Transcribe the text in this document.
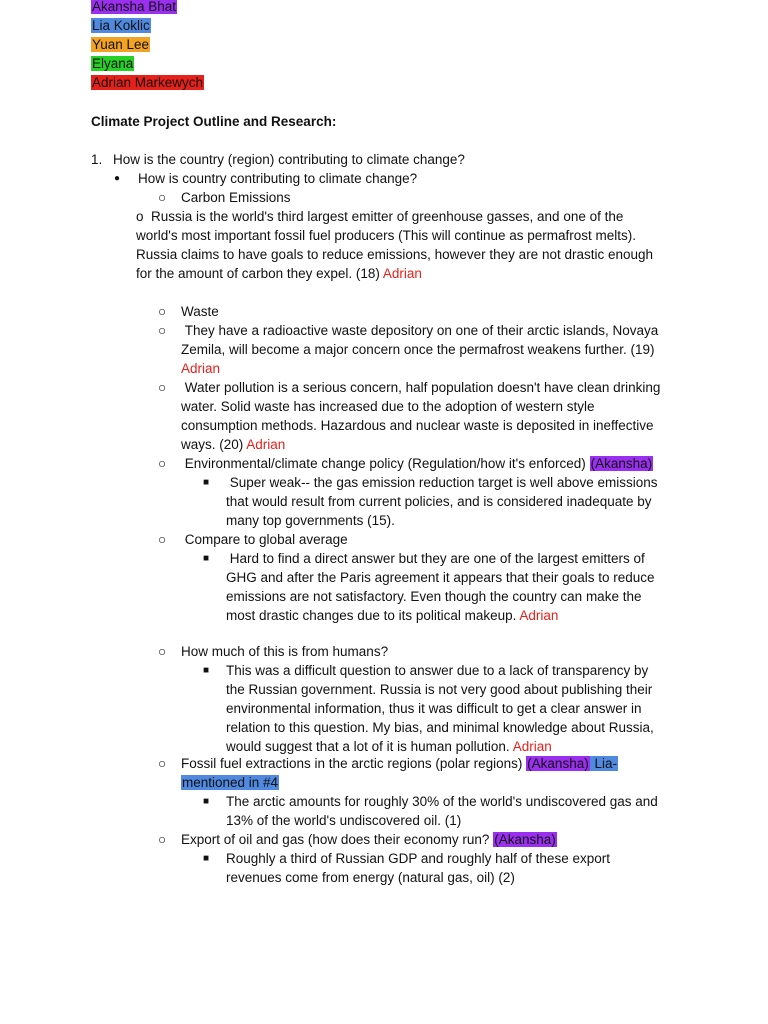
Akansha Bhat
Lia Koklic
Yuan Lee
Elyana
Adrian Markewych
Climate Project Outline and Research:
1. How is the country (region) contributing to climate change?
● How is country contributing to climate change?
○ Carbon Emissions
o Russia is the world's third largest emitter of greenhouse gasses, and one of the
world's most important fossil fuel producers (This will continue as permafrost melts).
Russia claims to have goals to reduce emissions, however they are not drastic enough
for the amount of carbon they expel. (18) Adrian
○ Waste
○ They have a radioactive waste depository on one of their arctic islands, Novaya
Zemila, will become a major concern once the permafrost weakens further. (19)
Adrian
○ Water pollution is a serious concern, half population doesn't have clean drinking
water. Solid waste has increased due to the adoption of western style
consumption methods. Hazardous and nuclear waste is deposited in ineffective
ways. (20) Adrian
○ Environmental/climate change policy (Regulation/how it's enforced) (Akansha)
■ Super weak-- the gas emission reduction target is well above emissions
that would result from current policies, and is considered inadequate by
many top governments (15).
○ Compare to global average
■ Hard to find a direct answer but they are one of the largest emitters of
GHG and after the Paris agreement it appears that their goals to reduce
emissions are not satisfactory. Even though the country can make the
most drastic changes due to its political makeup. Adrian
○ How much of this is from humans?
■ This was a difficult question to answer due to a lack of transparency by
the Russian government. Russia is not very good about publishing their
environmental information, thus it was difficult to get a clear answer in
relation to this question. My bias, and minimal knowledge about Russia,
would suggest that a lot of it is human pollution. Adrian
○ Fossil fuel extractions in the arctic regions (polar regions) (Akansha) Lia-
mentioned in #4
■ The arctic amounts for roughly 30% of the world's undiscovered gas and
13% of the world's undiscovered oil. (1)
○ Export of oil and gas (how does their economy run? (Akansha)
■ Roughly a third of Russian GDP and roughly half of these export
revenues come from energy (natural gas, oil) (2)
